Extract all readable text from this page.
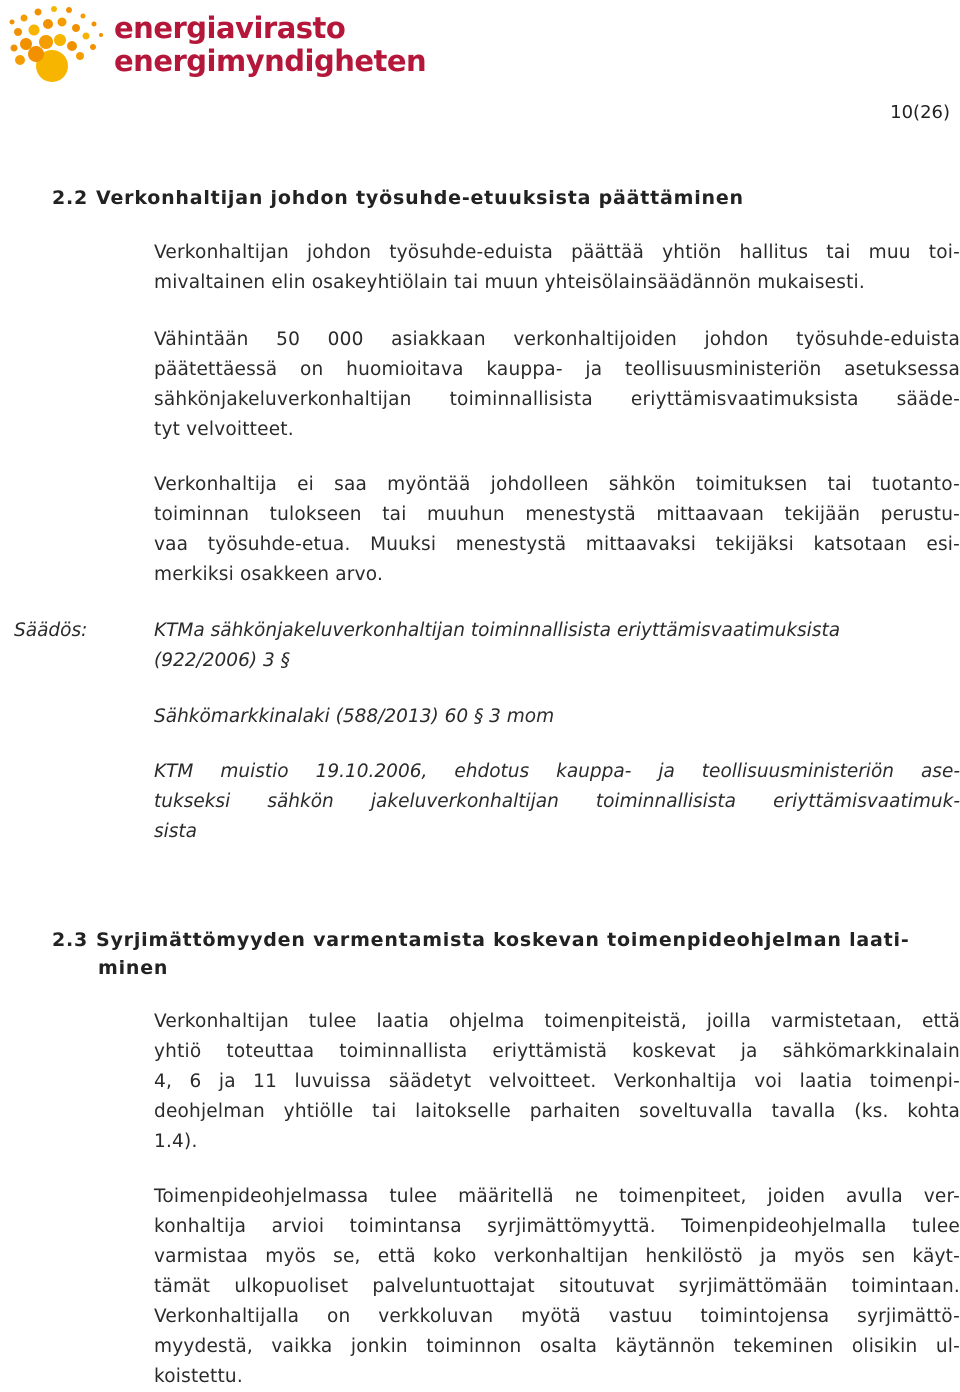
energiavirasto
energimyndigheten
10(26)
2.2 Verkonhaltijan johdon työsuhde-etuuksista päättäminen

Verkonhaltijan johdon työsuhde-eduista päättää yhtiön hallitus tai muu toi-
mivaltainen elin osakeyhtiölain tai muun yhteisölainsäädännön mukaisesti.

Vähintään 50 000 asiakkaan verkonhaltijoiden johdon työsuhde-eduista
päätettäessä on huomioitava kauppa- ja teollisuusministeriön asetuksessa
sähkönjakeluverkonhaltijan toiminnallisista eriyttämisvaatimuksista sääde-
tyt velvoitteet.

Verkonhaltija ei saa myöntää johdolleen sähkön toimituksen tai tuotanto-
toiminnan tulokseen tai muuhun menestystä mittaavaan tekijään perustu-
vaa työsuhde-etua. Muuksi menestystä mittaavaksi tekijäksi katsotaan esi-
merkiksi osakkeen arvo.

Säädös:	KTMa sähkönjakeluverkonhaltijan toiminnallisista eriyttämisvaatimuksista
(922/2006) 3 §

Sähkömarkkinalaki (588/2013) 60 § 3 mom

KTM muistio 19.10.2006, ehdotus kauppa- ja teollisuusministeriön ase-
tukseksi sähkön jakeluverkonhaltijan toiminnallisista eriyttämisvaatimuk-
sista

2.3 Syrjimättömyyden varmentamista koskevan toimenpideohjelman laati-
minen

Verkonhaltijan tulee laatia ohjelma toimenpiteistä, joilla varmistetaan, että
yhtiö toteuttaa toiminnallista eriyttämistä koskevat ja sähkömarkkinalain
4, 6 ja 11 luvuissa säädetyt velvoitteet. Verkonhaltija voi laatia toimenpi-
deohjelman yhtiölle tai laitokselle parhaiten soveltuvalla tavalla (ks. kohta
1.4).

Toimenpideohjelmassa tulee määritellä ne toimenpiteet, joiden avulla ver-
konhaltija arvioi toimintansa syrjimättömyyttä. Toimenpideohjelmalla tulee
varmistaa myös se, että koko verkonhaltijan henkilöstö ja myös sen käyt-
tämät ulkopuoliset palveluntuottajat sitoutuvat syrjimättömään toimintaan.
Verkonhaltijalla on verkkoluvan myötä vastuu toimintojensa syrjimättö-
myydestä, vaikka jonkin toiminnon osalta käytännön tekeminen olisikin ul-
koistettu.
